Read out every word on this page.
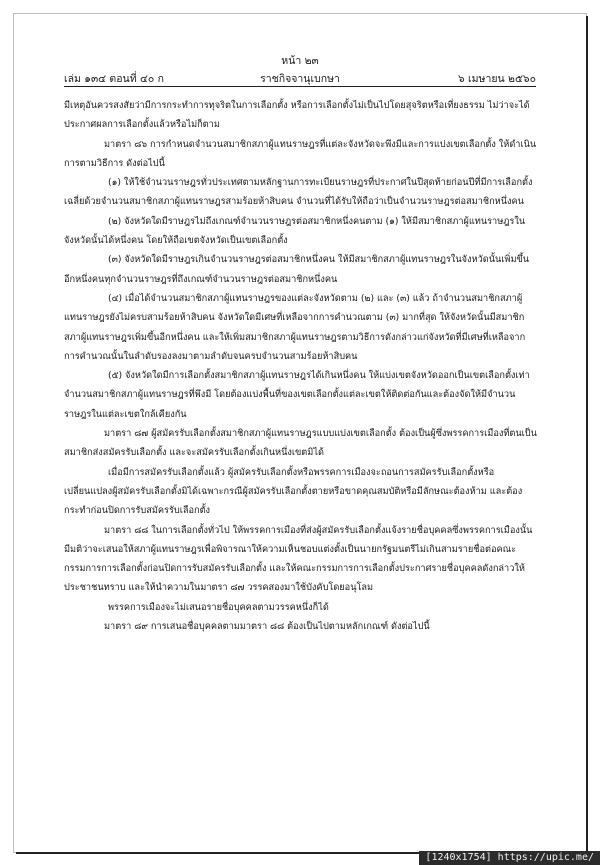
หน้า ๒๓
เล่ม ๑๓๔ ตอนที่ ๔๐ ก	ราชกิจจานุเบกษา	๖ เมษายน ๒๕๖๐

มีเหตุอันควรสงสัยว่ามีการกระทำการทุจริตในการเลือกตั้ง หรือการเลือกตั้งไม่เป็นไปโดยสุจริตหรือเที่ยงธรรม ไม่ว่าจะได้ประกาศผลการเลือกตั้งแล้วหรือไม่ก็ตาม

มาตรา ๘๖ การกำหนดจำนวนสมาชิกสภาผู้แทนราษฎรที่แต่ละจังหวัดจะพึงมีและการแบ่งเขตเลือกตั้ง ให้ดำเนินการตามวิธีการ ดังต่อไปนี้

(๑) ให้ใช้จำนวนราษฎรทั่วประเทศตามหลักฐานการทะเบียนราษฎรที่ประกาศในปีสุดท้ายก่อนปีที่มีการเลือกตั้ง เฉลี่ยด้วยจำนวนสมาชิกสภาผู้แทนราษฎรสามร้อยห้าสิบคน จำนวนที่ได้รับให้ถือว่าเป็นจำนวนราษฎรต่อสมาชิกหนึ่งคน

(๒) จังหวัดใดมีราษฎรไม่ถึงเกณฑ์จำนวนราษฎรต่อสมาชิกหนึ่งคนตาม (๑) ให้มีสมาชิกสภาผู้แทนราษฎรในจังหวัดนั้นได้หนึ่งคน โดยให้ถือเขตจังหวัดเป็นเขตเลือกตั้ง

(๓) จังหวัดใดมีราษฎรเกินจำนวนราษฎรต่อสมาชิกหนึ่งคน ให้มีสมาชิกสภาผู้แทนราษฎรในจังหวัดนั้นเพิ่มขึ้นอีกหนึ่งคนทุกจำนวนราษฎรที่ถึงเกณฑ์จำนวนราษฎรต่อสมาชิกหนึ่งคน

(๔) เมื่อได้จำนวนสมาชิกสภาผู้แทนราษฎรของแต่ละจังหวัดตาม (๒) และ (๓) แล้ว ถ้าจำนวนสมาชิกสภาผู้แทนราษฎรยังไม่ครบสามร้อยห้าสิบคน จังหวัดใดมีเศษที่เหลือจากการคำนวณตาม (๓) มากที่สุด ให้จังหวัดนั้นมีสมาชิกสภาผู้แทนราษฎรเพิ่มขึ้นอีกหนึ่งคน และให้เพิ่มสมาชิกสภาผู้แทนราษฎรตามวิธีการดังกล่าวแก่จังหวัดที่มีเศษที่เหลือจากการคำนวณนั้นในลำดับรองลงมาตามลำดับจนครบจำนวนสามร้อยห้าสิบคน

(๕) จังหวัดใดมีการเลือกตั้งสมาชิกสภาผู้แทนราษฎรได้เกินหนึ่งคน ให้แบ่งเขตจังหวัดออกเป็นเขตเลือกตั้งเท่าจำนวนสมาชิกสภาผู้แทนราษฎรที่พึงมี โดยต้องแบ่งพื้นที่ของเขตเลือกตั้งแต่ละเขตให้ติดต่อกันและต้องจัดให้มีจำนวนราษฎรในแต่ละเขตใกล้เคียงกัน

มาตรา ๘๗ ผู้สมัครรับเลือกตั้งสมาชิกสภาผู้แทนราษฎรแบบแบ่งเขตเลือกตั้ง ต้องเป็นผู้ซึ่งพรรคการเมืองที่ตนเป็นสมาชิกส่งสมัครรับเลือกตั้ง และจะสมัครรับเลือกตั้งเกินหนึ่งเขตมิได้

เมื่อมีการสมัครรับเลือกตั้งแล้ว ผู้สมัครรับเลือกตั้งหรือพรรคการเมืองจะถอนการสมัครรับเลือกตั้งหรือเปลี่ยนแปลงผู้สมัครรับเลือกตั้งมิได้เฉพาะกรณีผู้สมัครรับเลือกตั้งตายหรือขาดคุณสมบัติหรือมีลักษณะต้องห้าม และต้องกระทำก่อนปิดการรับสมัครรับเลือกตั้ง

มาตรา ๘๘ ในการเลือกตั้งทั่วไป ให้พรรคการเมืองที่ส่งผู้สมัครรับเลือกตั้งแจ้งรายชื่อบุคคลซึ่งพรรคการเมืองนั้นมีมติว่าจะเสนอให้สภาผู้แทนราษฎรเพื่อพิจารณาให้ความเห็นชอบแต่งตั้งเป็นนายกรัฐมนตรีไม่เกินสามรายชื่อต่อคณะกรรมการการเลือกตั้งก่อนปิดการรับสมัครรับเลือกตั้ง และให้คณะกรรมการการเลือกตั้งประกาศรายชื่อบุคคลดังกล่าวให้ประชาชนทราบ และให้นำความในมาตรา ๘๗ วรรคสองมาใช้บังคับโดยอนุโลม

พรรคการเมืองจะไม่เสนอรายชื่อบุคคลตามวรรคหนึ่งก็ได้

มาตรา ๘๙ การเสนอชื่อบุคคลตามมาตรา ๘๘ ต้องเป็นไปตามหลักเกณฑ์ ดังต่อไปนี้

[1240x1754] https://upic.me/
